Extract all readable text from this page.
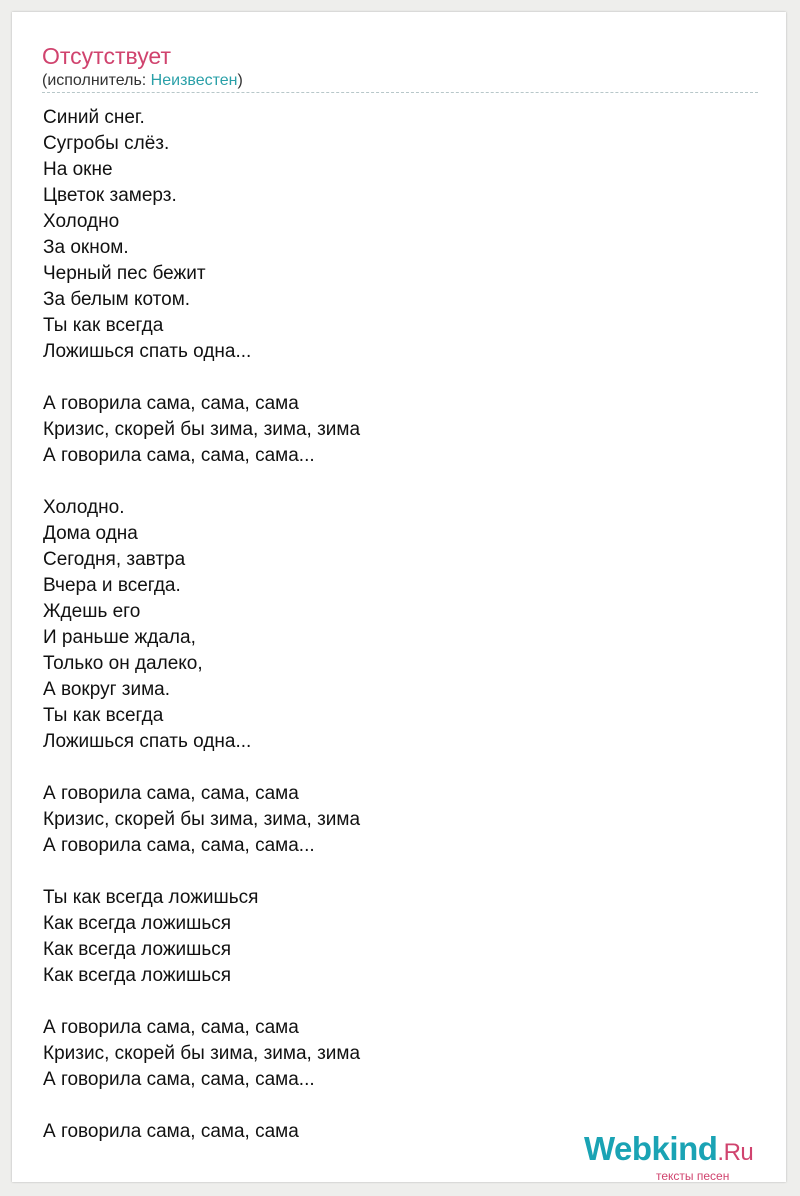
Отсутствует
(исполнитель: Неизвестен)
Синий снег.
Сугробы слёз.
На окне
Цветок замерз.
Холодно
За окном.
Черный пес бежит
За белым котом.
Ты как всегда
Ложишься спать одна...
А говорила сама, сама, сама
Кризис, скорей бы зима, зима, зима
А говорила сама, сама, сама...
Холодно.
Дома одна
Сегодня, завтра
Вчера и всегда.
Ждешь его
И раньше ждала,
Только он далеко,
А вокруг зима.
Ты как всегда
Ложишься спать одна...
А говорила сама, сама, сама
Кризис, скорей бы зима, зима, зима
А говорила сама, сама, сама...
Ты как всегда ложишься
Как всегда ложишься
Как всегда ложишься
Как всегда ложишься
А говорила сама, сама, сама
Кризис, скорей бы зима, зима, зима
А говорила сама, сама, сама...
А говорила сама, сама, сама	Webkind.Ru
тексты песен
